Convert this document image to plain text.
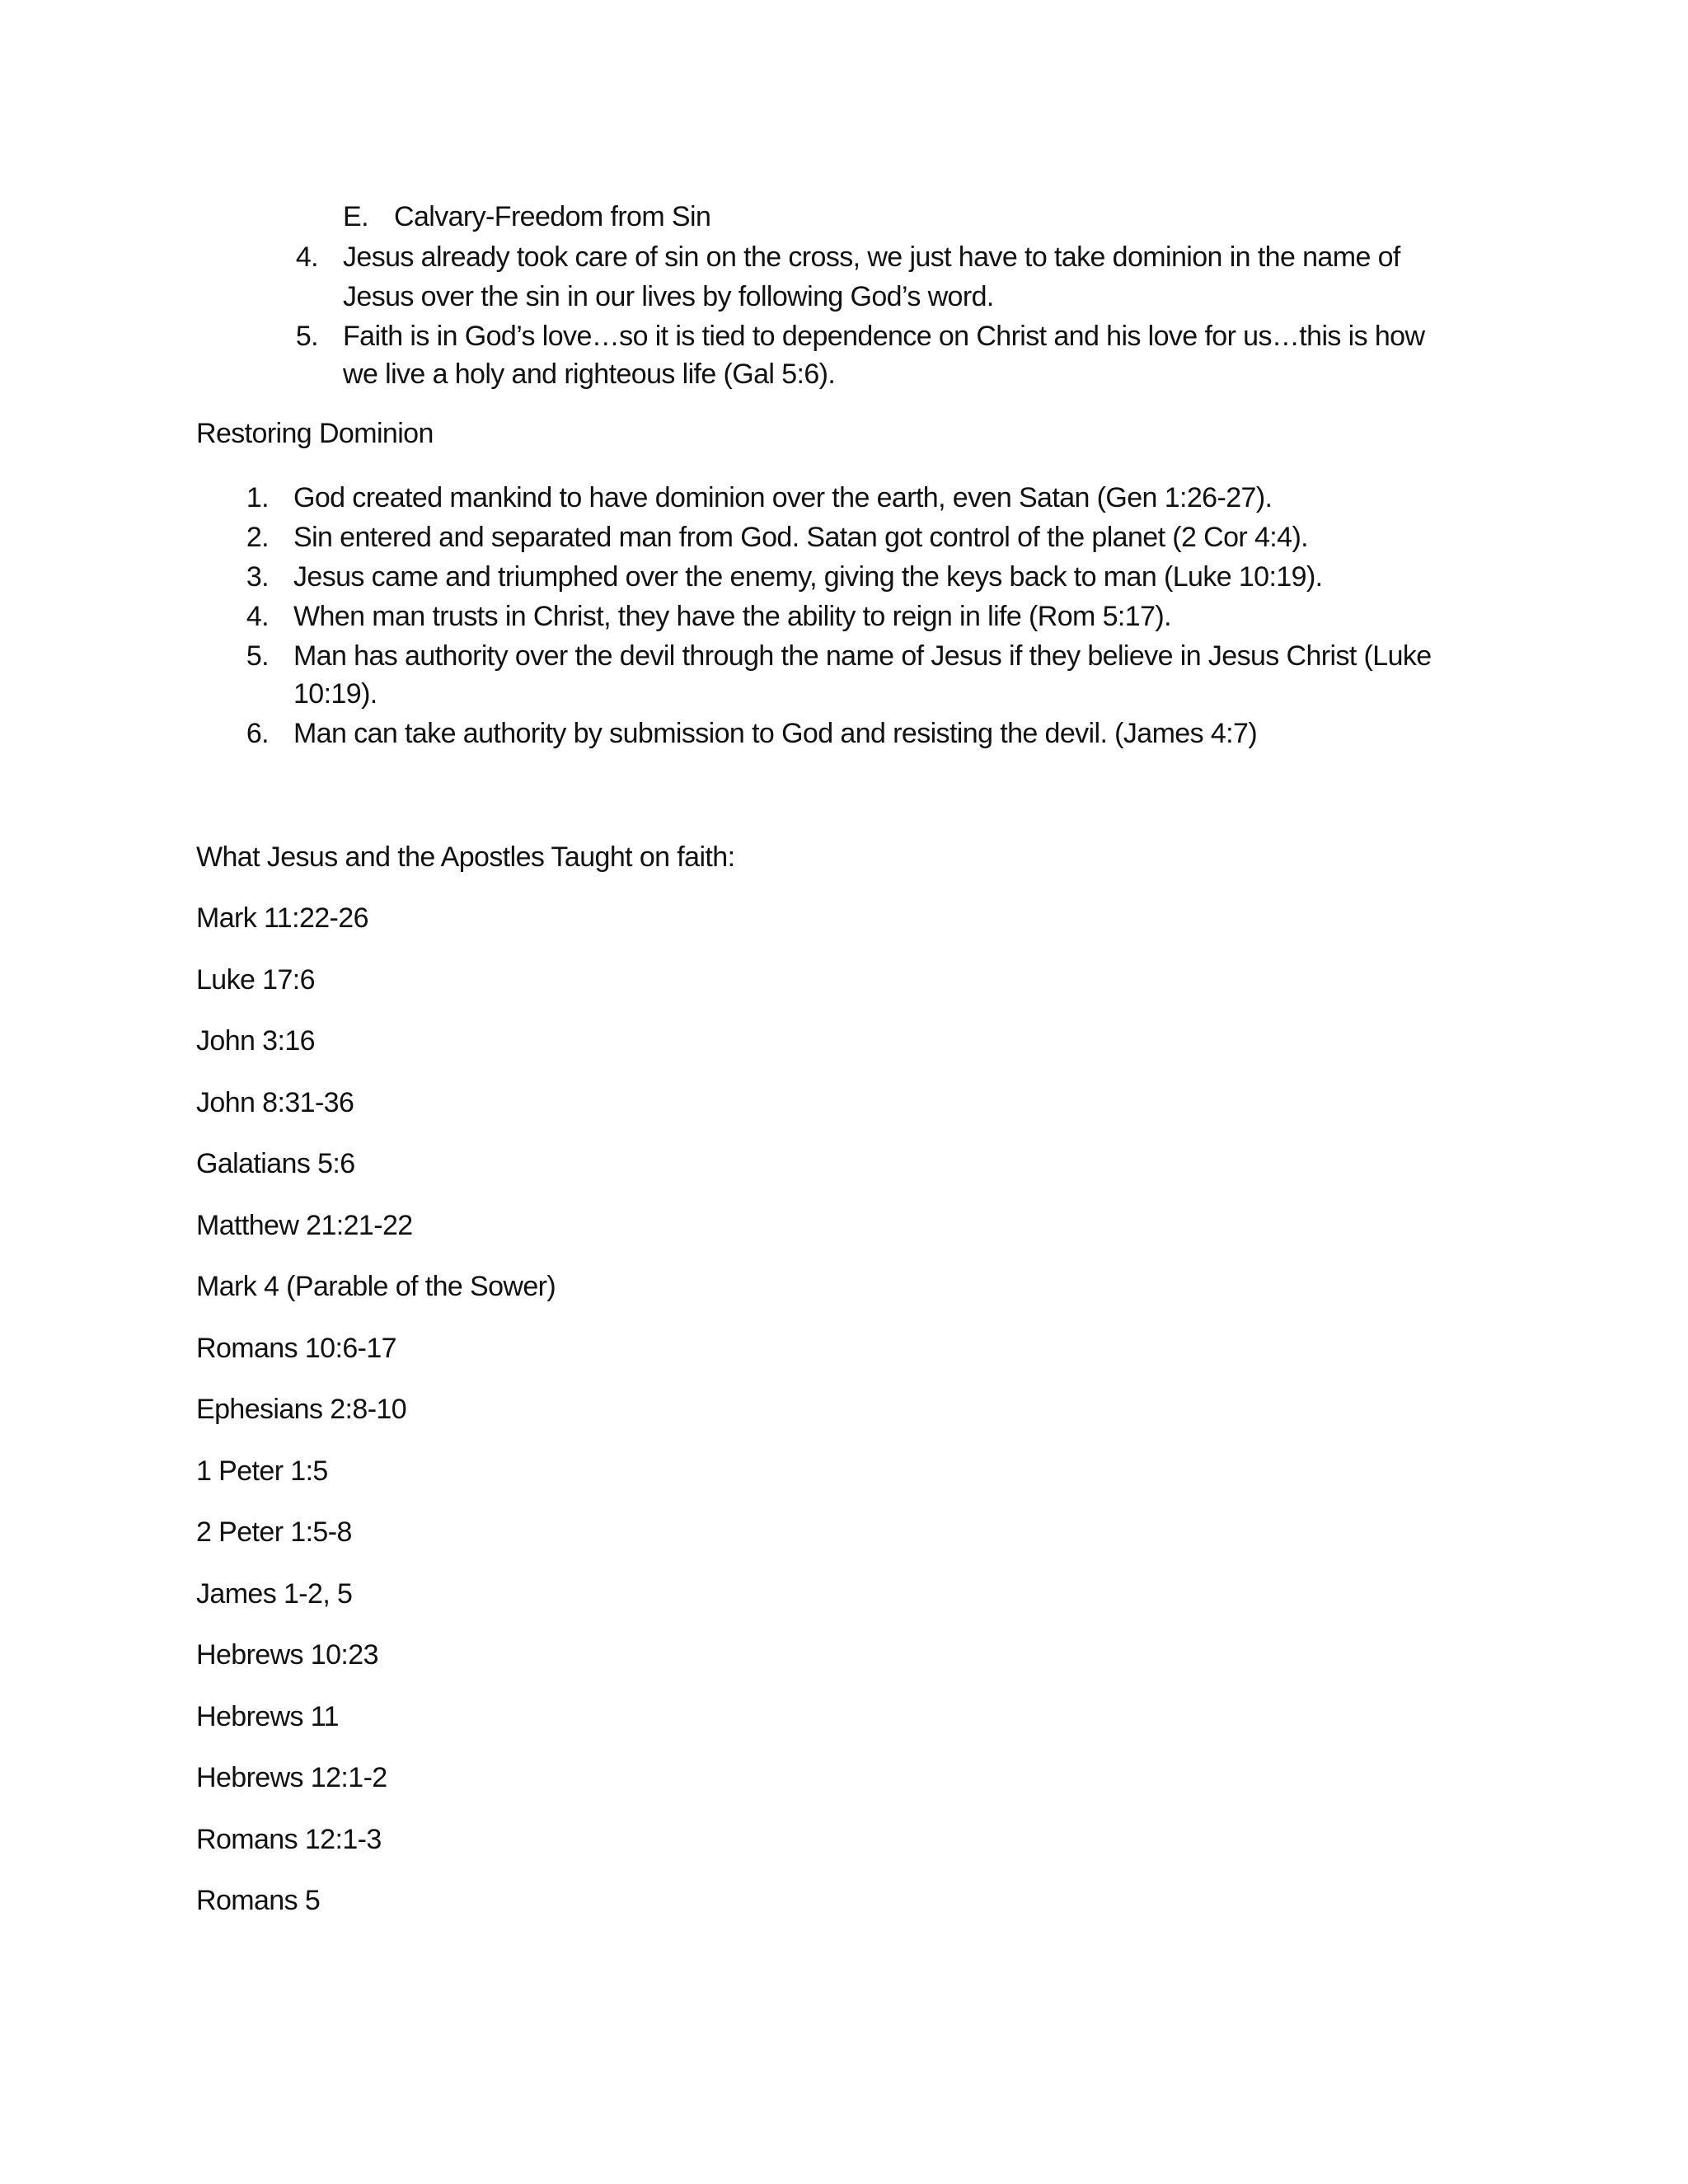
E. Calvary-Freedom from Sin
4. Jesus already took care of sin on the cross, we just have to take dominion in the name of
Jesus over the sin in our lives by following God’s word.
5. Faith is in God’s love…so it is tied to dependence on Christ and his love for us…this is how
we live a holy and righteous life (Gal 5:6).
Restoring Dominion
1. God created mankind to have dominion over the earth, even Satan (Gen 1:26-27).
2. Sin entered and separated man from God. Satan got control of the planet (2 Cor 4:4).
3. Jesus came and triumphed over the enemy, giving the keys back to man (Luke 10:19).
4. When man trusts in Christ, they have the ability to reign in life (Rom 5:17).
5. Man has authority over the devil through the name of Jesus if they believe in Jesus Christ (Luke
10:19).
6. Man can take authority by submission to God and resisting the devil. (James 4:7)
What Jesus and the Apostles Taught on faith:
Mark 11:22-26
Luke 17:6
John 3:16
John 8:31-36
Galatians 5:6
Matthew 21:21-22
Mark 4 (Parable of the Sower)
Romans 10:6-17
Ephesians 2:8-10
1 Peter 1:5
2 Peter 1:5-8
James 1-2, 5
Hebrews 10:23
Hebrews 11
Hebrews 12:1-2
Romans 12:1-3
Romans 5
